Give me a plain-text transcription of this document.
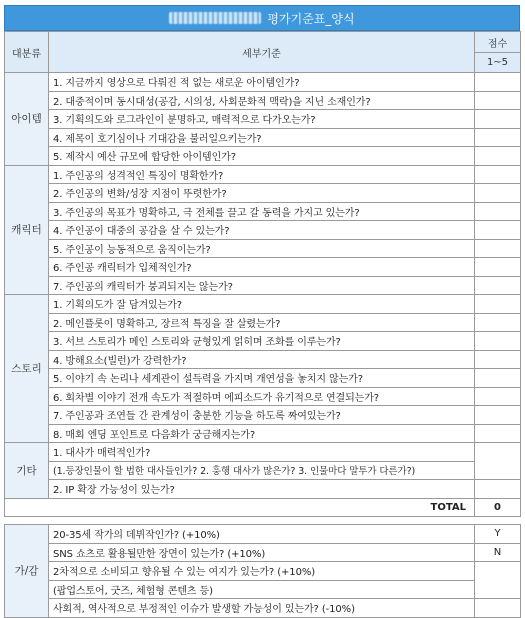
평가기준표_양식
대분류	세부기준	점수
		1~5
아이템	1. 지금까지 영상으로 다뤄진 적 없는 새로운 아이템인가?	
	2. 대중적이며 동시대성(공감, 시의성, 사회문화적 맥락)을 지닌 소재인가?	
	3. 기획의도와 로그라인이 분명하고, 매력적으로 다가오는가?	
	4. 제목이 호기심이나 기대감을 불러일으키는가?	
	5. 제작시 예산 규모에 합당한 아이템인가?	
캐릭터	1. 주인공의 성격적인 특징이 명확한가?	
	2. 주인공의 변화/성장 지점이 뚜렷한가?	
	3. 주인공의 목표가 명확하고, 극 전체를 끌고 갈 동력을 가지고 있는가?	
	4. 주인공이 대중의 공감을 살 수 있는가?	
	5. 주인공이 능동적으로 움직이는가?	
	6. 주인공 캐릭터가 입체적인가?	
	7. 주인공의 캐릭터가 붕괴되지는 않는가?	
스토리	1. 기획의도가 잘 담겨있는가?	
	2. 메인플롯이 명확하고, 장르적 특징을 잘 살렸는가?	
	3. 서브 스토리가 메인 스토리와 균형있게 얽히며 조화를 이루는가?	
	4. 방해요소(빌런)가 강력한가?	
	5. 이야기 속 논리나 세계관이 설득력을 가지며 개연성을 놓치지 않는가?	
	6. 회차별 이야기 전개 속도가 적절하며 에피소드가 유기적으로 연결되는가?	
	7. 주인공과 조연들 간 관계성이 충분한 기능을 하도록 짜여있는가?	
	8. 매회 엔딩 포인트로 다음화가 궁금해지는가?	
기타	1. 대사가 매력적인가?	
	(1.등장인물이 할 법한 대사들인가? 2. 훙행 대사가 많은가? 3. 인물마다 말투가 다른가?)	
	2. IP 확장 가능성이 있는가?	
TOTAL		0

가/감	20-35세 작가의 데뷔작인가? (+10%)	Y
	SNS 쇼츠로 활용될만한 장면이 있는가? (+10%)	N
	2차적으로 소비되고 향유될 수 있는 여지가 있는가? (+10%)	
	(팝업스토어, 굿즈, 체험형 콘텐츠 등)	
	사회적, 역사적으로 부정적인 이슈가 발생할 가능성이 있는가? (-10%)	
